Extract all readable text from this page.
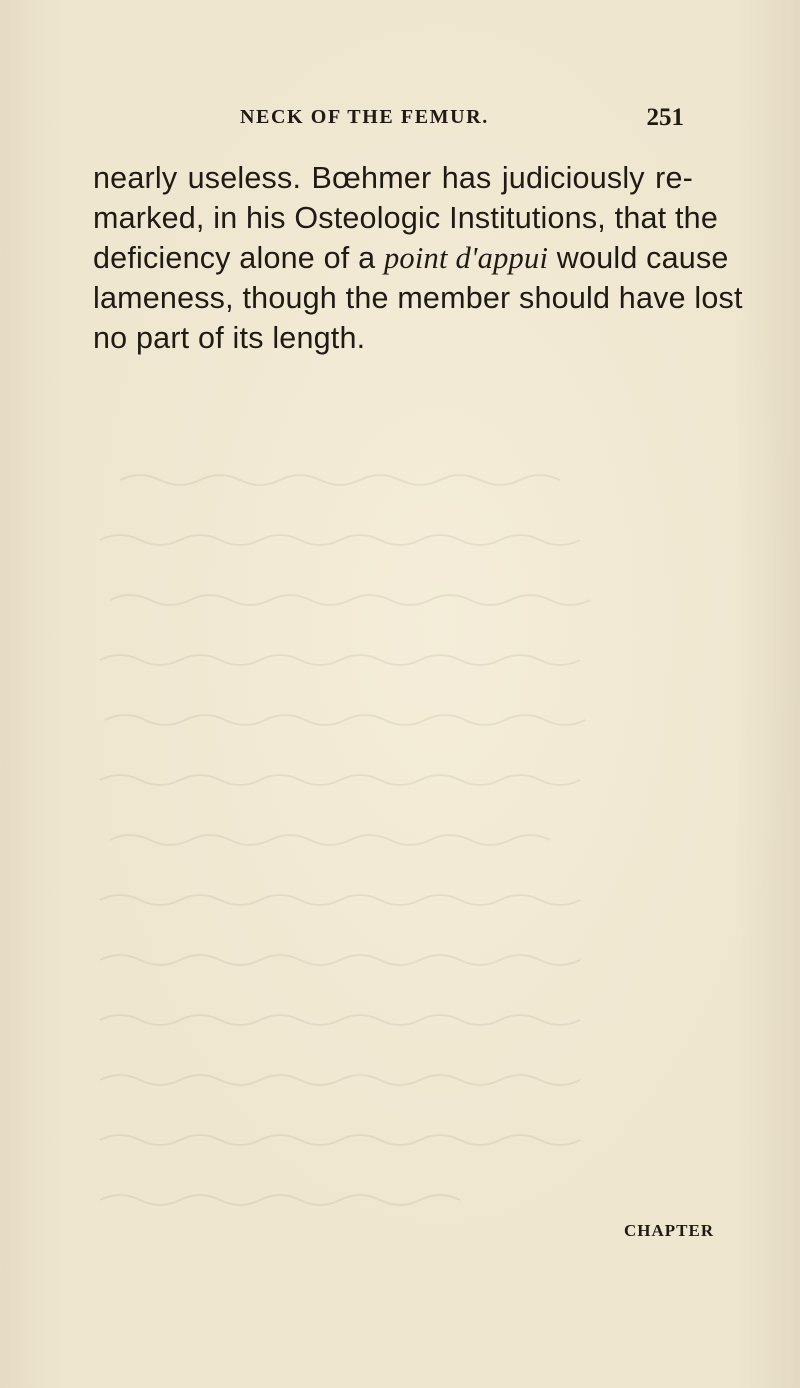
NECK OF THE FEMUR.	251

nearly useless. Bœhmer has judiciously re-
marked, in his Osteologic Institutions, that the
deficiency alone of a point d'appui would cause
lameness, though the member should have lost
no part of its length.

CHAPTER
